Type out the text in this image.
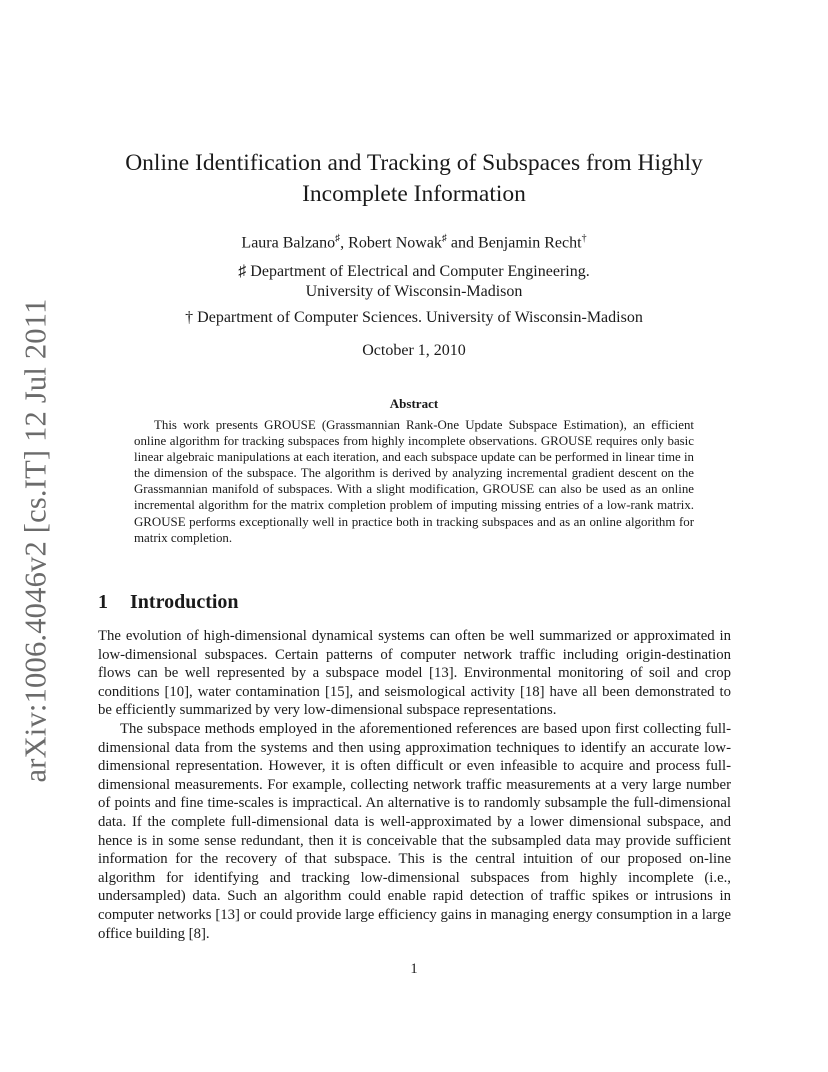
arXiv:1006.4046v2 [cs.IT] 12 Jul 2011
Online Identification and Tracking of Subspaces from Highly Incomplete Information
Laura Balzano♯, Robert Nowak♯ and Benjamin Recht†
♯ Department of Electrical and Computer Engineering.
University of Wisconsin-Madison
† Department of Computer Sciences. University of Wisconsin-Madison
October 1, 2010
Abstract

This work presents GROUSE (Grassmannian Rank-One Update Subspace Estimation), an efficient online algorithm for tracking subspaces from highly incomplete observations. GROUSE requires only basic linear algebraic manipulations at each iteration, and each subspace update can be performed in linear time in the dimension of the subspace. The algorithm is derived by analyzing incremental gradient descent on the Grassmannian manifold of subspaces. With a slight modification, GROUSE can also be used as an online incremental algorithm for the matrix completion problem of imputing missing entries of a low-rank matrix. GROUSE performs exceptionally well in practice both in tracking subspaces and as an online algorithm for matrix completion.

1 Introduction

The evolution of high-dimensional dynamical systems can often be well summarized or approximated in low-dimensional subspaces. Certain patterns of computer network traffic including origin-destination flows can be well represented by a subspace model [13]. Environmental monitoring of soil and crop conditions [10], water contamination [15], and seismological activity [18] have all been demonstrated to be efficiently summarized by very low-dimensional subspace representations.

The subspace methods employed in the aforementioned references are based upon first collecting full-dimensional data from the systems and then using approximation techniques to identify an accurate low-dimensional representation. However, it is often difficult or even infeasible to acquire and process full-dimensional measurements. For example, collecting network traffic measurements at a very large number of points and fine time-scales is impractical. An alternative is to randomly subsample the full-dimensional data. If the complete full-dimensional data is well-approximated by a lower dimensional subspace, and hence is in some sense redundant, then it is conceivable that the subsampled data may provide sufficient information for the recovery of that subspace. This is the central intuition of our proposed on-line algorithm for identifying and tracking low-dimensional subspaces from highly incomplete (i.e., undersampled) data. Such an algorithm could enable rapid detection of traffic spikes or intrusions in computer networks [13] or could provide large efficiency gains in managing energy consumption in a large office building [8].

1
